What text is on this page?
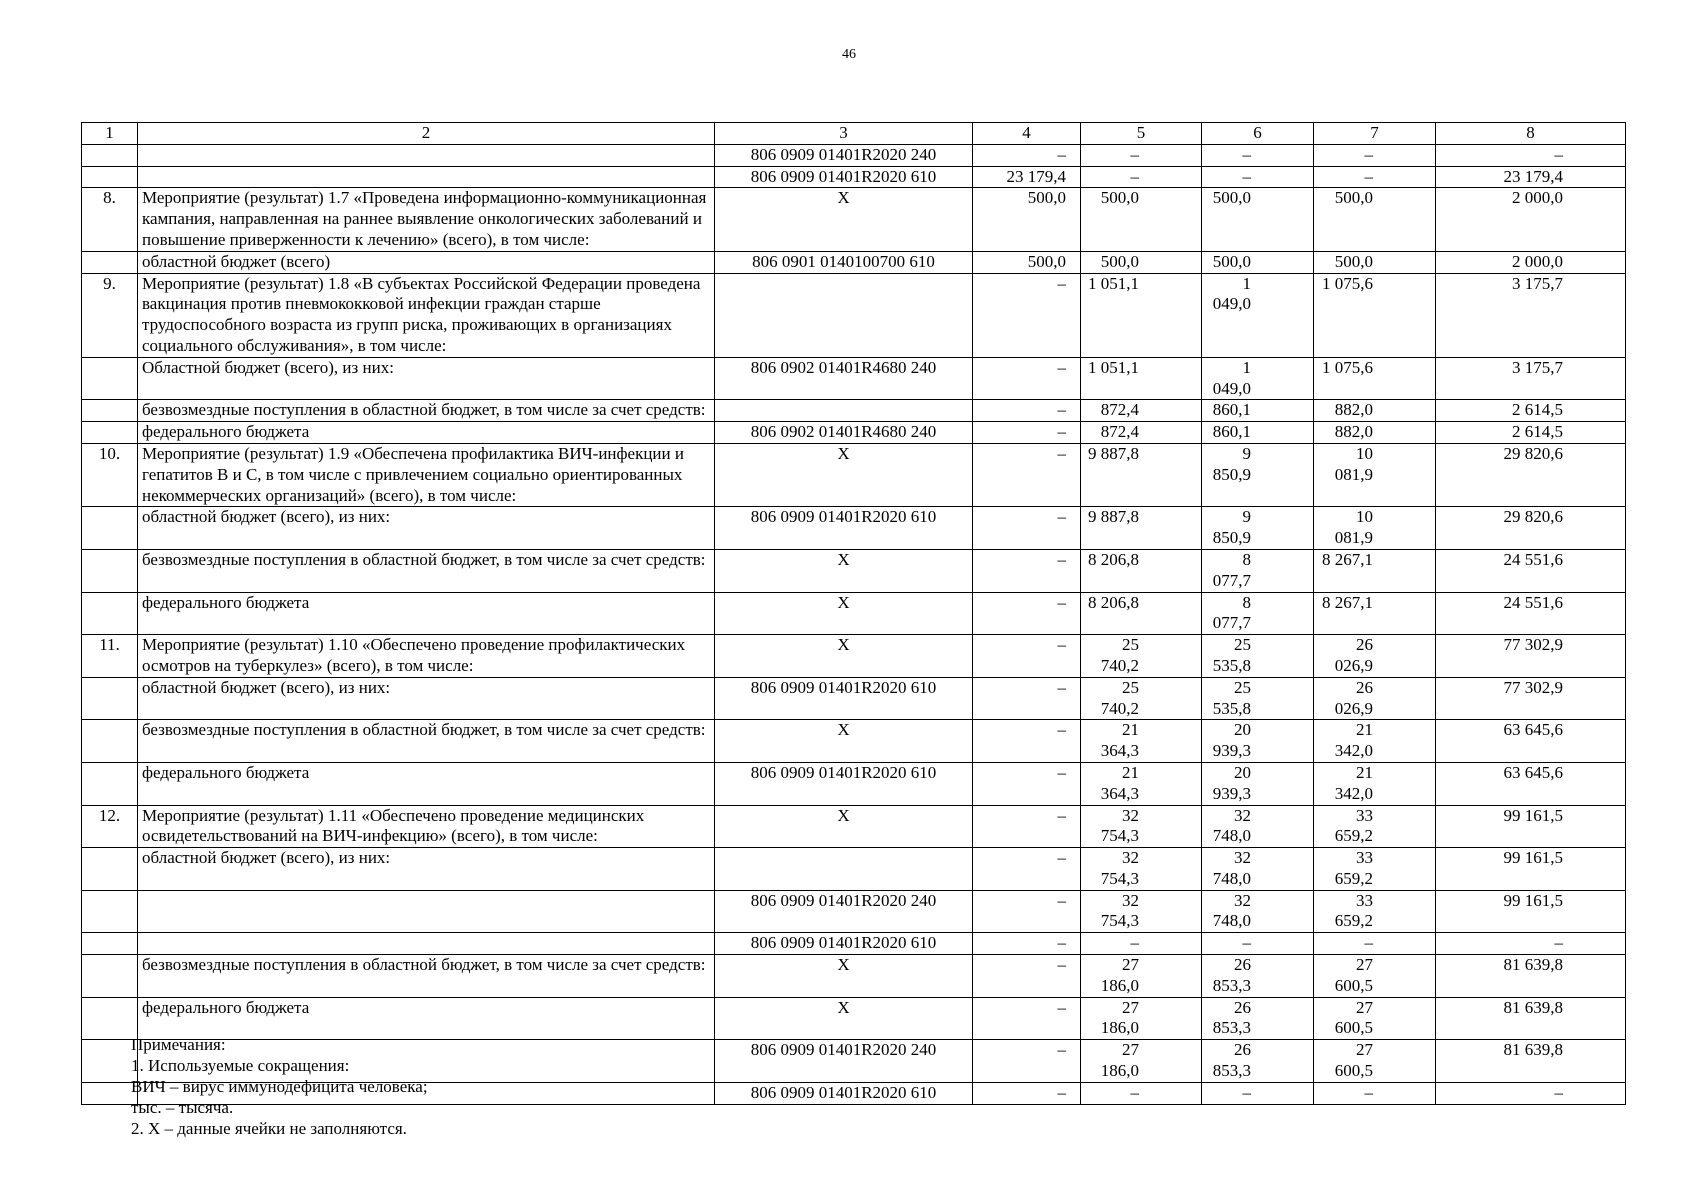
46
1	2	3	4	5	6	7	8
		806 0909 01401R2020 240	–	–	–	–	–
		806 0909 01401R2020 610	23 179,4	–	–	–	23 179,4
8.	Мероприятие (результат) 1.7 «Проведена информационно-коммуникационная кампания, направленная на раннее выявление онкологических заболеваний и повышение приверженности к лечению» (всего), в том числе:	Х	500,0	500,0	500,0	500,0	2 000,0
	областной бюджет (всего)	806 0901 0140100700 610	500,0	500,0	500,0	500,0	2 000,0
9.	Мероприятие (результат) 1.8 «В субъектах Российской Федерации проведена вакцинация против пневмококковой инфекции граждан старше трудоспособного возраста из групп риска, проживающих в организациях социального обслуживания», в том числе:		–	1 051,1	1 049,0	1 075,6	3 175,7
	Областной бюджет (всего), из них:	806 0902 01401R4680 240	–	1 051,1	1 049,0	1 075,6	3 175,7
	безвозмездные поступления в областной бюджет, в том числе за счет средств:		–	872,4	860,1	882,0	2 614,5
	федерального бюджета	806 0902 01401R4680 240	–	872,4	860,1	882,0	2 614,5
10.	Мероприятие (результат) 1.9 «Обеспечена профилактика ВИЧ-инфекции и гепатитов В и С, в том числе с привлечением социально ориентированных некоммерческих организаций» (всего), в том числе:	Х	–	9 887,8	9 850,9	10 081,9	29 820,6
	областной бюджет (всего), из них:	806 0909 01401R2020 610	–	9 887,8	9 850,9	10 081,9	29 820,6
	безвозмездные поступления в областной бюджет, в том числе за счет средств:	Х	–	8 206,8	8 077,7	8 267,1	24 551,6
	федерального бюджета	Х	–	8 206,8	8 077,7	8 267,1	24 551,6
11.	Мероприятие (результат) 1.10 «Обеспечено проведение профилактических осмотров на туберкулез» (всего), в том числе:	Х	–	25 740,2	25 535,8	26 026,9	77 302,9
	областной бюджет (всего), из них:	806 0909 01401R2020 610	–	25 740,2	25 535,8	26 026,9	77 302,9
	безвозмездные поступления в областной бюджет, в том числе за счет средств:	Х	–	21 364,3	20 939,3	21 342,0	63 645,6
	федерального бюджета	806 0909 01401R2020 610	–	21 364,3	20 939,3	21 342,0	63 645,6
12.	Мероприятие (результат) 1.11 «Обеспечено проведение медицинских освидетельствований на ВИЧ-инфекцию» (всего), в том числе:	Х	–	32 754,3	32 748,0	33 659,2	99 161,5
	областной бюджет (всего), из них:		–	32 754,3	32 748,0	33 659,2	99 161,5
		806 0909 01401R2020 240	–	32 754,3	32 748,0	33 659,2	99 161,5
		806 0909 01401R2020 610	–	–	–	–	–
	безвозмездные поступления в областной бюджет, в том числе за счет средств:	Х	–	27 186,0	26 853,3	27 600,5	81 639,8
	федерального бюджета	Х	–	27 186,0	26 853,3	27 600,5	81 639,8
		806 0909 01401R2020 240	–	27 186,0	26 853,3	27 600,5	81 639,8
		806 0909 01401R2020 610	–	–	–	–	–
Примечания:
1. Используемые сокращения:
ВИЧ – вирус иммунодефицита человека;
тыс. – тысяча.
2. Х – данные ячейки не заполняются.
